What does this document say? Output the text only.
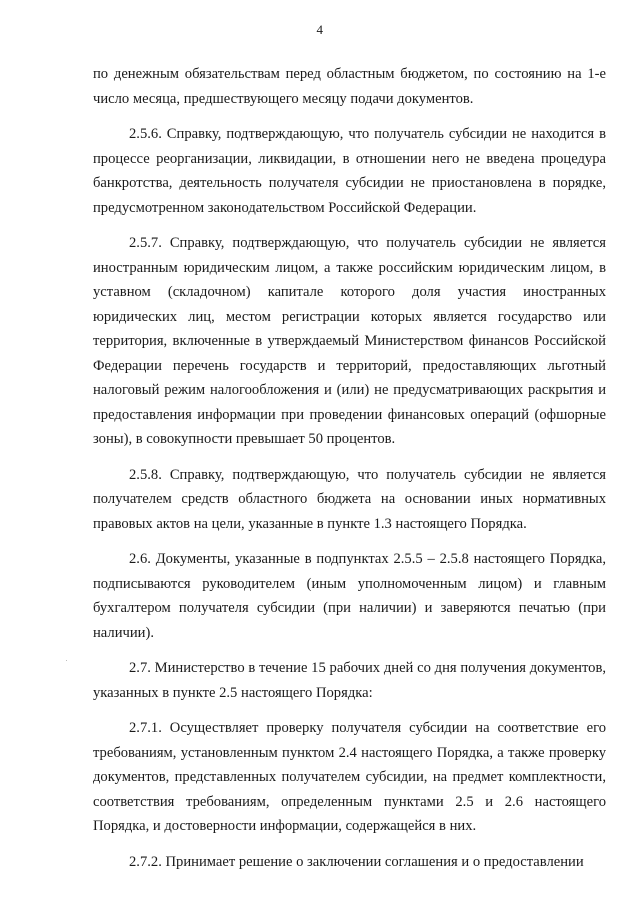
4

по денежным обязательствам перед областным бюджетом, по состоянию на 1-е число месяца, предшествующего месяцу подачи документов.

2.5.6. Справку, подтверждающую, что получатель субсидии не находится в процессе реорганизации, ликвидации, в отношении него не введена процедура банкротства, деятельность получателя субсидии не приостановлена в порядке, предусмотренном законодательством Российской Федерации.

2.5.7. Справку, подтверждающую, что получатель субсидии не является иностранным юридическим лицом, а также российским юридическим лицом, в уставном (складочном) капитале которого доля участия иностранных юридических лиц, местом регистрации которых является государство или территория, включенные в утверждаемый Министерством финансов Российской Федерации перечень государств и территорий, предоставляющих льготный налоговый режим налогообложения и (или) не предусматривающих раскрытия и предоставления информации при проведении финансовых операций (офшорные зоны), в совокупности превышает 50 процентов.

2.5.8. Справку, подтверждающую, что получатель субсидии не является получателем средств областного бюджета на основании иных нормативных правовых актов на цели, указанные в пункте 1.3 настоящего Порядка.

2.6. Документы, указанные в подпунктах 2.5.5 – 2.5.8 настоящего Порядка, подписываются руководителем (иным уполномоченным лицом) и главным бухгалтером получателя субсидии (при наличии) и заверяются печатью (при наличии).

2.7. Министерство в течение 15 рабочих дней со дня получения документов, указанных в пункте 2.5 настоящего Порядка:

2.7.1. Осуществляет проверку получателя субсидии на соответствие его требованиям, установленным пунктом 2.4 настоящего Порядка, а также проверку документов, представленных получателем субсидии, на предмет комплектности, соответствия требованиям, определенным пунктами 2.5 и 2.6 настоящего Порядка, и достоверности информации, содержащейся в них.

2.7.2. Принимает решение о заключении соглашения и о предоставлении
